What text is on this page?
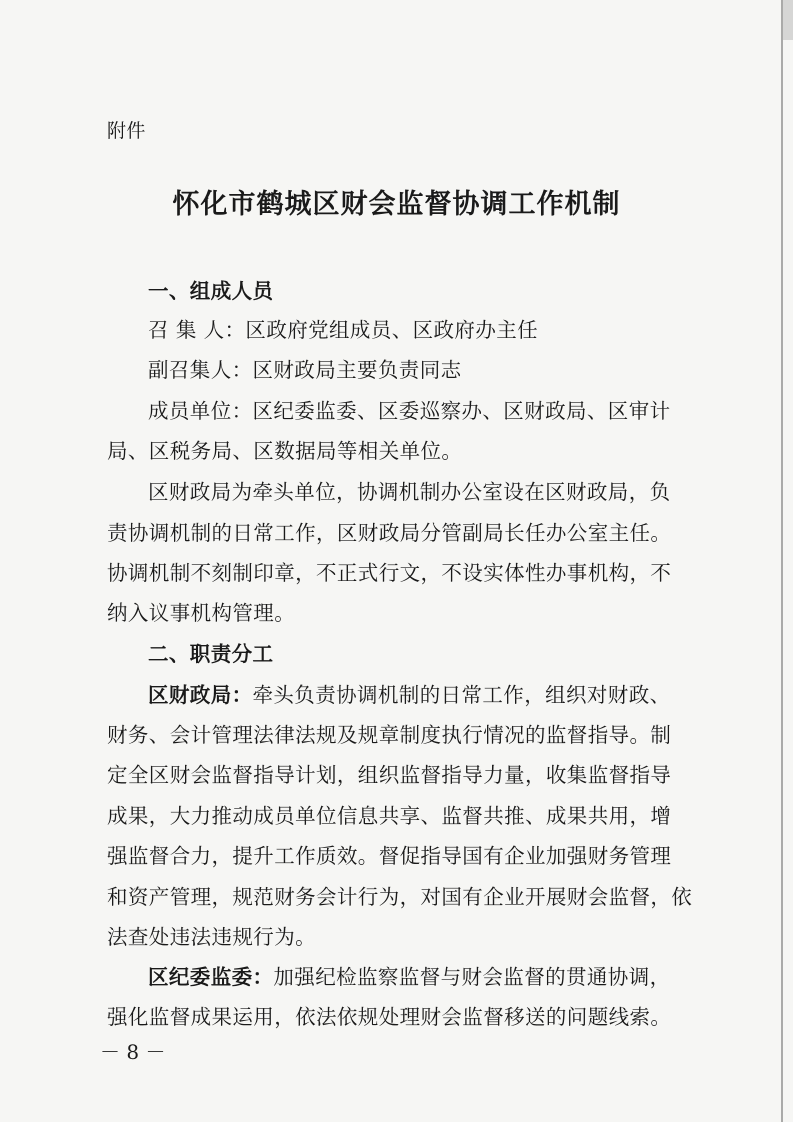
附件
怀化市鹤城区财会监督协调工作机制
一、组成人员
召 集 人：区政府党组成员、区政府办主任
副召集人：区财政局主要负责同志
成员单位：区纪委监委、区委巡察办、区财政局、区审计
局、区税务局、区数据局等相关单位。
区财政局为牵头单位，协调机制办公室设在区财政局，负
责协调机制的日常工作，区财政局分管副局长任办公室主任。
协调机制不刻制印章，不正式行文，不设实体性办事机构，不
纳入议事机构管理。
二、职责分工
区财政局：牵头负责协调机制的日常工作，组织对财政、
财务、会计管理法律法规及规章制度执行情况的监督指导。制
定全区财会监督指导计划，组织监督指导力量，收集监督指导
成果，大力推动成员单位信息共享、监督共推、成果共用，增
强监督合力，提升工作质效。督促指导国有企业加强财务管理
和资产管理，规范财务会计行为，对国有企业开展财会监督，依
法查处违法违规行为。
区纪委监委：加强纪检监察监督与财会监督的贯通协调，
强化监督成果运用，依法依规处理财会监督移送的问题线索。
－ 8 －
